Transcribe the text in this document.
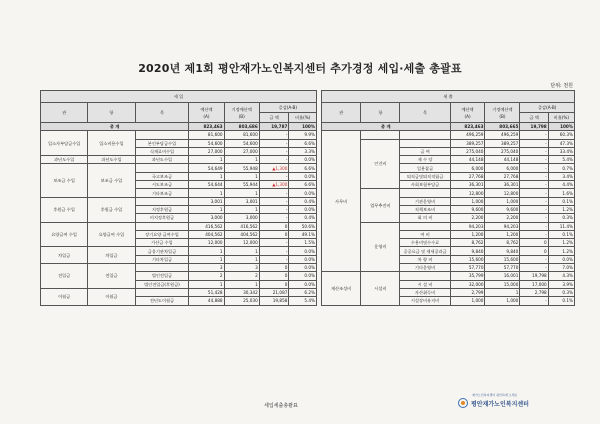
2020년 제1회 평안재가노인복지센터 추가경정 세입·세출 총괄표
단위: 천원
세 입						
관	항	목	예산액
(A)	기정예산액
(B)	증감(A-B)	
					금 액	비율(%)
총 계			823,463	803,686	19,787	100%
입소자부담금수입	입소비용수입		81,600	81,600	-	9.9%
		본인부담금수입	54,600	54,600	-	6.6%
		식재료비수입	27,000	27,000	-	3.3%
과년도수입	과년도수입	과년도수입	1	1	-	0.0%
보조금 수입	보조금 수입		54,649	55,948	▲1,300	6.6%
		국고보조금	1	1	-	0.0%
		시도보조금	54,644	55,944	▲1,300	6.6%
		기타보조금	1	1	-	0.0%
후원금 수입	후원금 수입		3,001	3,001	-	0.4%
		지정후원금	1	1	-	0.0%
		비지정후원금	3,000	3,000	-	0.4%
요양급여 수입	요양급여 수입		416,562	416,562	0	50.6%
		장기요양 급여수입	404,562	404,562	0	49.1%
		가산금 수입	12,000	12,000	-	1.5%
차입금	차입금	금융기관차입금	1	1	-	0.0%
		기타차입금	1	1	-	0.0%
전입금	전입금		3	3	0	0.0%
		법인전입금	2	2	0	0.0%
		법인전입금(후원금)	1	1	0	0.0%
이월금	이월금		51,428	30,342	21,087	6.2%
		전년도이월금	44,888	25,030	19,858	5.4%
세 출						
관	항	목	예산액
(A)	기정예산액
(B)	증감(A-B)	
					금 액	비율(%)
총 계			823,463	803,665	19,798	100%
사무비			496,259	496,259	-	60.3%
	인건비		389,257	389,257	-	47.3%
		급 여	275,040	275,040	-	33.4%
		제 수 당	44,148	44,148	-	5.4%
		일용잡급	6,000	6,000	-	0.7%
		퇴직금및퇴직적립금	27,768	27,768	-	3.4%
		사회보험부담금	36,301	36,301	-	4.4%
	업무추진비		12,800	12,800	-	1.6%
		기관운영비	1,000	1,000	-	0.1%
		직책보조비	9,600	9,600	-	1.2%
		회 의 비	2,200	2,200	-	0.3%
	운영비		94,203	94,203	-	11.4%
		여 비	1,200	1,200	-	0.1%
		수용비및수수료	8,762	8,762	0	1.2%
		공공요금 및 제세공과금	9,840	9,840	0	1.2%
		차 량 비	15,600	15,600	-	0.0%
		기타운영비	57,770	57,770	-	7.0%
재산조성비	시설비		35,799	16,001	19,798	4.3%
		시 설 비	32,000	15,000	17,000	3.9%
		자산취득비	2,799	1	2,798	0.3%
		시설장비유지비	1,000	1,000	-	0.1%
세입세출총괄표	평안재가노인복지센터
재가노인복지센터 평안하게 오세요
